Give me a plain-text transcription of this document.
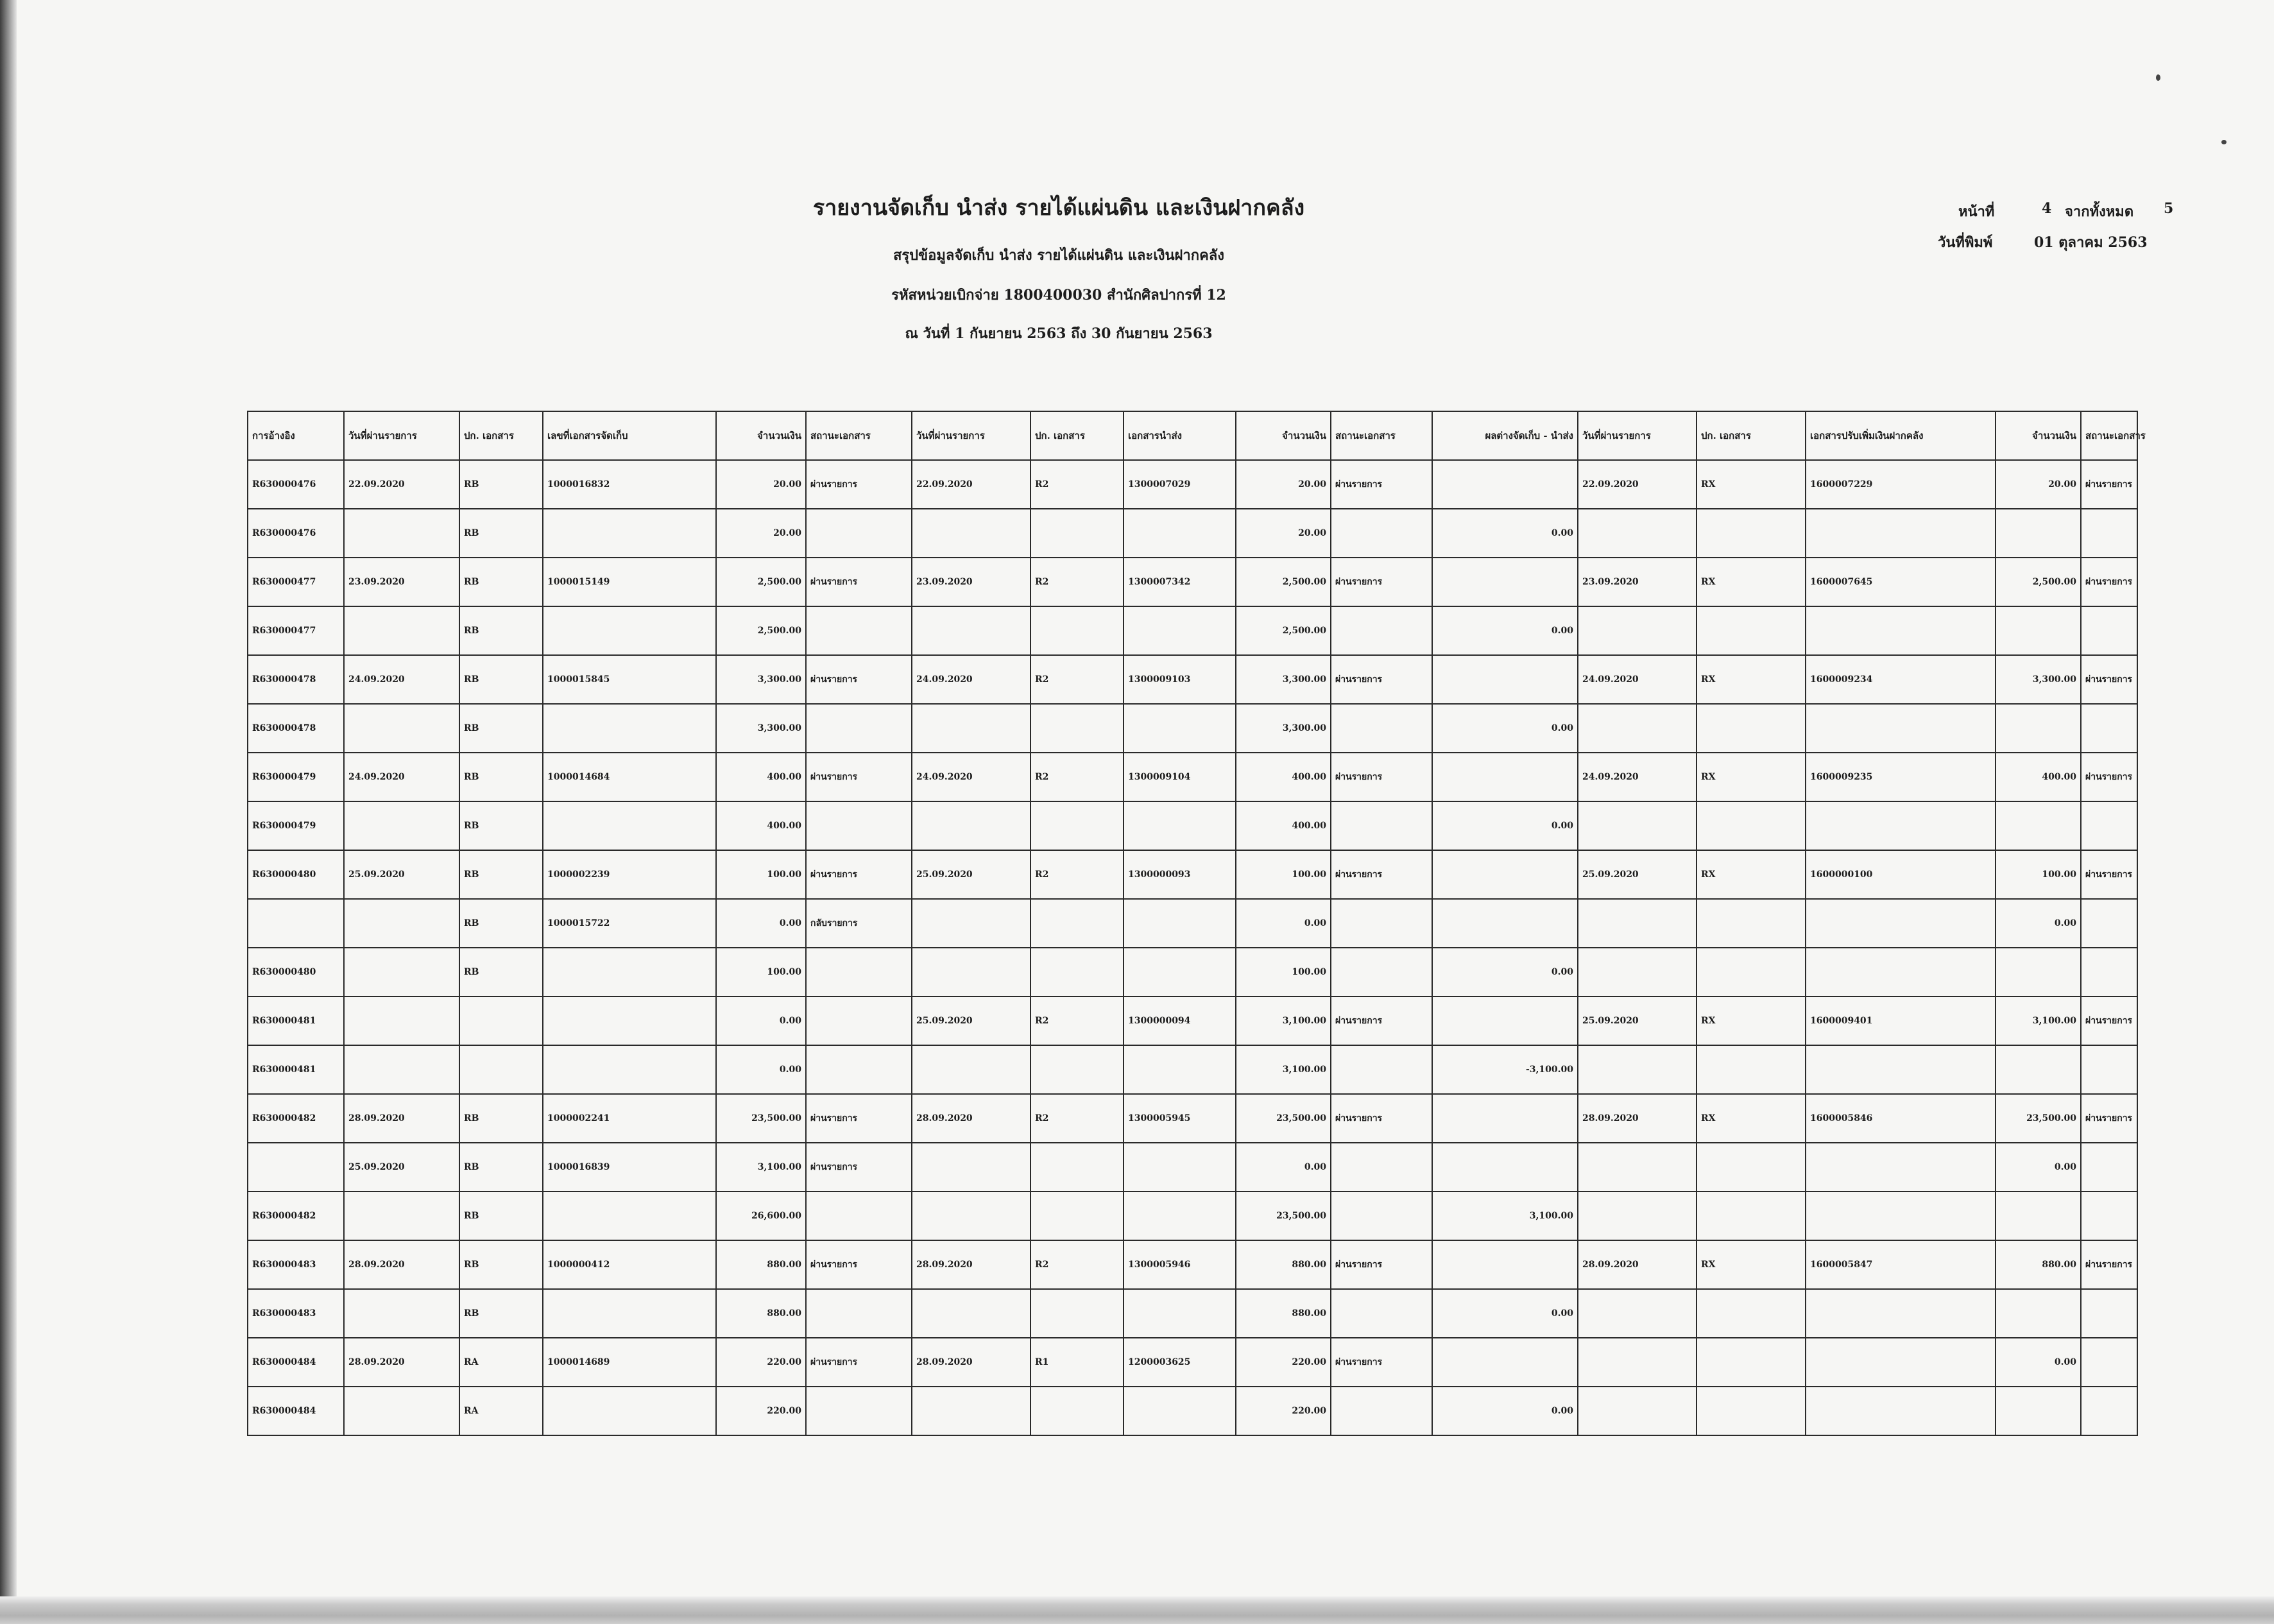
รายงานจัดเก็บ นำส่ง รายได้แผ่นดิน และเงินฝากคลัง
สรุปข้อมูลจัดเก็บ นำส่ง รายได้แผ่นดิน และเงินฝากคลัง
รหัสหน่วยเบิกจ่าย 1800400030 สำนักศิลปากรที่ 12
ณ วันที่ 1 กันยายน 2563 ถึง 30 กันยายน 2563
หน้าที่	4 จากทั้งหมด 5
วันที่พิมพ์	01 ตุลาคม 2563
การอ้างอิง	วันที่ผ่านรายการ	ปก. เอกสาร	เลขที่เอกสารจัดเก็บ	จำนวนเงิน	สถานะเอกสาร	วันที่ผ่านรายการ	ปก. เอกสาร	เอกสารนำส่ง	จำนวนเงิน	สถานะเอกสาร	ผลต่างจัดเก็บ - นำส่ง	วันที่ผ่านรายการ	ปก. เอกสาร	เอกสารปรับเพิ่มเงินฝากคลัง	จำนวนเงิน	สถานะเอกสาร
R630000476	22.09.2020	RB	1000016832	20.00	ผ่านรายการ	22.09.2020	R2	1300007029	20.00	ผ่านรายการ		22.09.2020	RX	1600007229	20.00	ผ่านรายการ
R630000476		RB		20.00					20.00		0.00					
R630000477	23.09.2020	RB	1000015149	2,500.00	ผ่านรายการ	23.09.2020	R2	1300007342	2,500.00	ผ่านรายการ		23.09.2020	RX	1600007645	2,500.00	ผ่านรายการ
R630000477		RB		2,500.00					2,500.00		0.00					
R630000478	24.09.2020	RB	1000015845	3,300.00	ผ่านรายการ	24.09.2020	R2	1300009103	3,300.00	ผ่านรายการ		24.09.2020	RX	1600009234	3,300.00	ผ่านรายการ
R630000478		RB		3,300.00					3,300.00		0.00					
R630000479	24.09.2020	RB	1000014684	400.00	ผ่านรายการ	24.09.2020	R2	1300009104	400.00	ผ่านรายการ		24.09.2020	RX	1600009235	400.00	ผ่านรายการ
R630000479		RB		400.00					400.00		0.00					
R630000480	25.09.2020	RB	1000002239	100.00	ผ่านรายการ	25.09.2020	R2	1300000093	100.00	ผ่านรายการ		25.09.2020	RX	1600000100	100.00	ผ่านรายการ
		RB	1000015722	0.00	กลับรายการ				0.00						0.00	
R630000480		RB		100.00					100.00		0.00					
R630000481				0.00		25.09.2020	R2	1300000094	3,100.00	ผ่านรายการ		25.09.2020	RX	1600009401	3,100.00	ผ่านรายการ
R630000481				0.00					3,100.00		-3,100.00					
R630000482	28.09.2020	RB	1000002241	23,500.00	ผ่านรายการ	28.09.2020	R2	1300005945	23,500.00	ผ่านรายการ		28.09.2020	RX	1600005846	23,500.00	ผ่านรายการ
	25.09.2020	RB	1000016839	3,100.00	ผ่านรายการ				0.00						0.00	
R630000482		RB		26,600.00					23,500.00		3,100.00					
R630000483	28.09.2020	RB	1000000412	880.00	ผ่านรายการ	28.09.2020	R2	1300005946	880.00	ผ่านรายการ		28.09.2020	RX	1600005847	880.00	ผ่านรายการ
R630000483		RB		880.00					880.00		0.00					
R630000484	28.09.2020	RA	1000014689	220.00	ผ่านรายการ	28.09.2020	R1	1200003625	220.00	ผ่านรายการ					0.00	
R630000484		RA		220.00					220.00		0.00					
